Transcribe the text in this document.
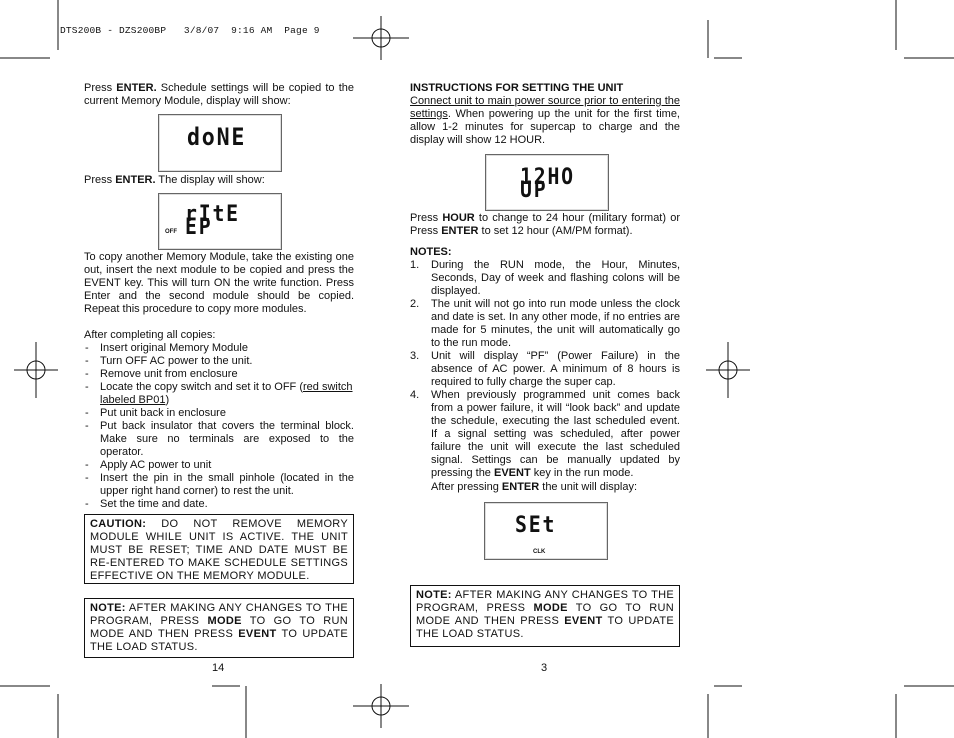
DTS200B - DZS200BP   3/8/07  9:16 AM  Page 9

Press ENTER. Schedule settings will be copied to the current Memory Module, display will show:

doNE

Press ENTER. The display will show:

OFF
rItE EP
To copy another Memory Module, take the existing one out, insert the next module to be copied and press the EVENT key. This will turn ON the write function. Press Enter and the second module should be copied. Repeat this procedure to copy more modules.

After completing all copies:

- Insert original Memory Module
- Turn OFF AC power to the unit.
- Remove unit from enclosure
- Locate the copy switch and set it to OFF (red switch labeled BP01)
- Put unit back in enclosure
- Put back insulator that covers the terminal block. Make sure no terminals are exposed to the operator.
- Apply AC power to unit
- Insert the pin in the small pinhole (located in the upper right hand corner) to rest the unit.
- Set the time and date.
CAUTION: DO NOT REMOVE MEMORY MODULE WHILE UNIT IS ACTIVE. THE UNIT MUST BE RESET; TIME AND DATE MUST BE RE-ENTERED TO MAKE SCHEDULE SETTINGS EFFECTIVE ON THE MEMORY MODULE.
NOTE: AFTER MAKING ANY CHANGES TO THE PROGRAM, PRESS MODE TO GO TO RUN MODE AND THEN PRESS EVENT TO UPDATE THE LOAD STATUS.
14

INSTRUCTIONS FOR SETTING THE UNIT

Connect unit to main power source prior to entering the settings. When powering up the unit for the first time, allow 1-2 minutes for supercap to charge and the display will show 12 HOUR.
12HO UP
Press HOUR to change to 24 hour (military format) or Press ENTER to set 12 hour (AM/PM format).

NOTES:

1. During the RUN mode, the Hour, Minutes, Seconds, Day of week and flashing colons will be displayed.
2. The unit will not go into run mode unless the clock and date is set. In any other mode, if no entries are made for 5 minutes, the unit will automatically go to the run mode.
3. Unit will display “PF” (Power Failure) in the absence of AC power. A minimum of 8 hours is required to fully charge the super cap.
4. When previously programmed unit comes back from a power failure, it will “look back” and update the schedule, executing the last scheduled event. If a signal setting was scheduled, after power failure the unit will execute the last scheduled signal. Settings can be manually updated by pressing the EVENT key in the run mode.
After pressing ENTER the unit will display:
SEt
CLK
NOTE: AFTER MAKING ANY CHANGES TO THE PROGRAM, PRESS MODE TO GO TO RUN MODE AND THEN PRESS EVENT TO UPDATE THE LOAD STATUS.
3
